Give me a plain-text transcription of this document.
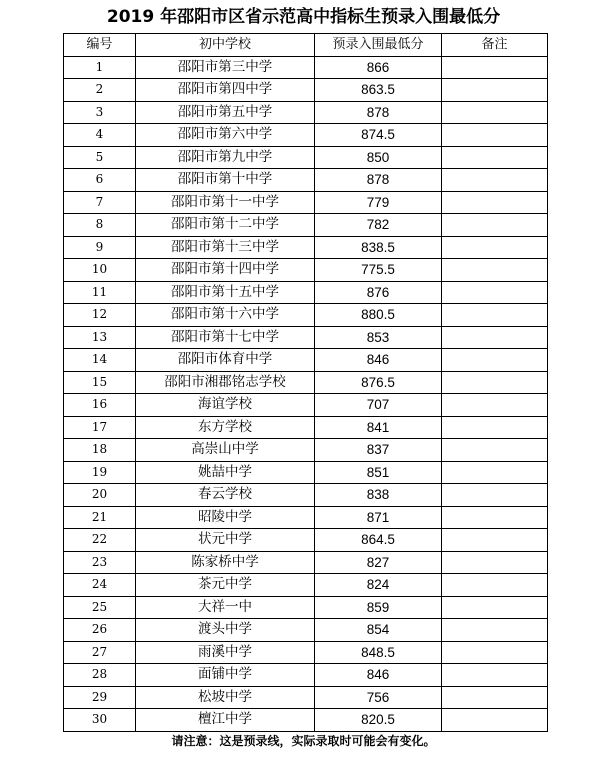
2019 年邵阳市区省示范高中指标生预录入围最低分
编号	初中学校	预录入围最低分	备注
1	邵阳市第三中学	866	
2	邵阳市第四中学	863.5	
3	邵阳市第五中学	878	
4	邵阳市第六中学	874.5	
5	邵阳市第九中学	850	
6	邵阳市第十中学	878	
7	邵阳市第十一中学	779	
8	邵阳市第十二中学	782	
9	邵阳市第十三中学	838.5	
10	邵阳市第十四中学	775.5	
11	邵阳市第十五中学	876	
12	邵阳市第十六中学	880.5	
13	邵阳市第十七中学	853	
14	邵阳市体育中学	846	
15	邵阳市湘郡铭志学校	876.5	
16	海谊学校	707	
17	东方学校	841	
18	高崇山中学	837	
19	姚喆中学	851	
20	春云学校	838	
21	昭陵中学	871	
22	状元中学	864.5	
23	陈家桥中学	827	
24	茶元中学	824	
25	大祥一中	859	
26	渡头中学	854	
27	雨溪中学	848.5	
28	面铺中学	846	
29	松坡中学	756	
30	檀江中学	820.5	
请注意：这是预录线，实际录取时可能会有变化。
